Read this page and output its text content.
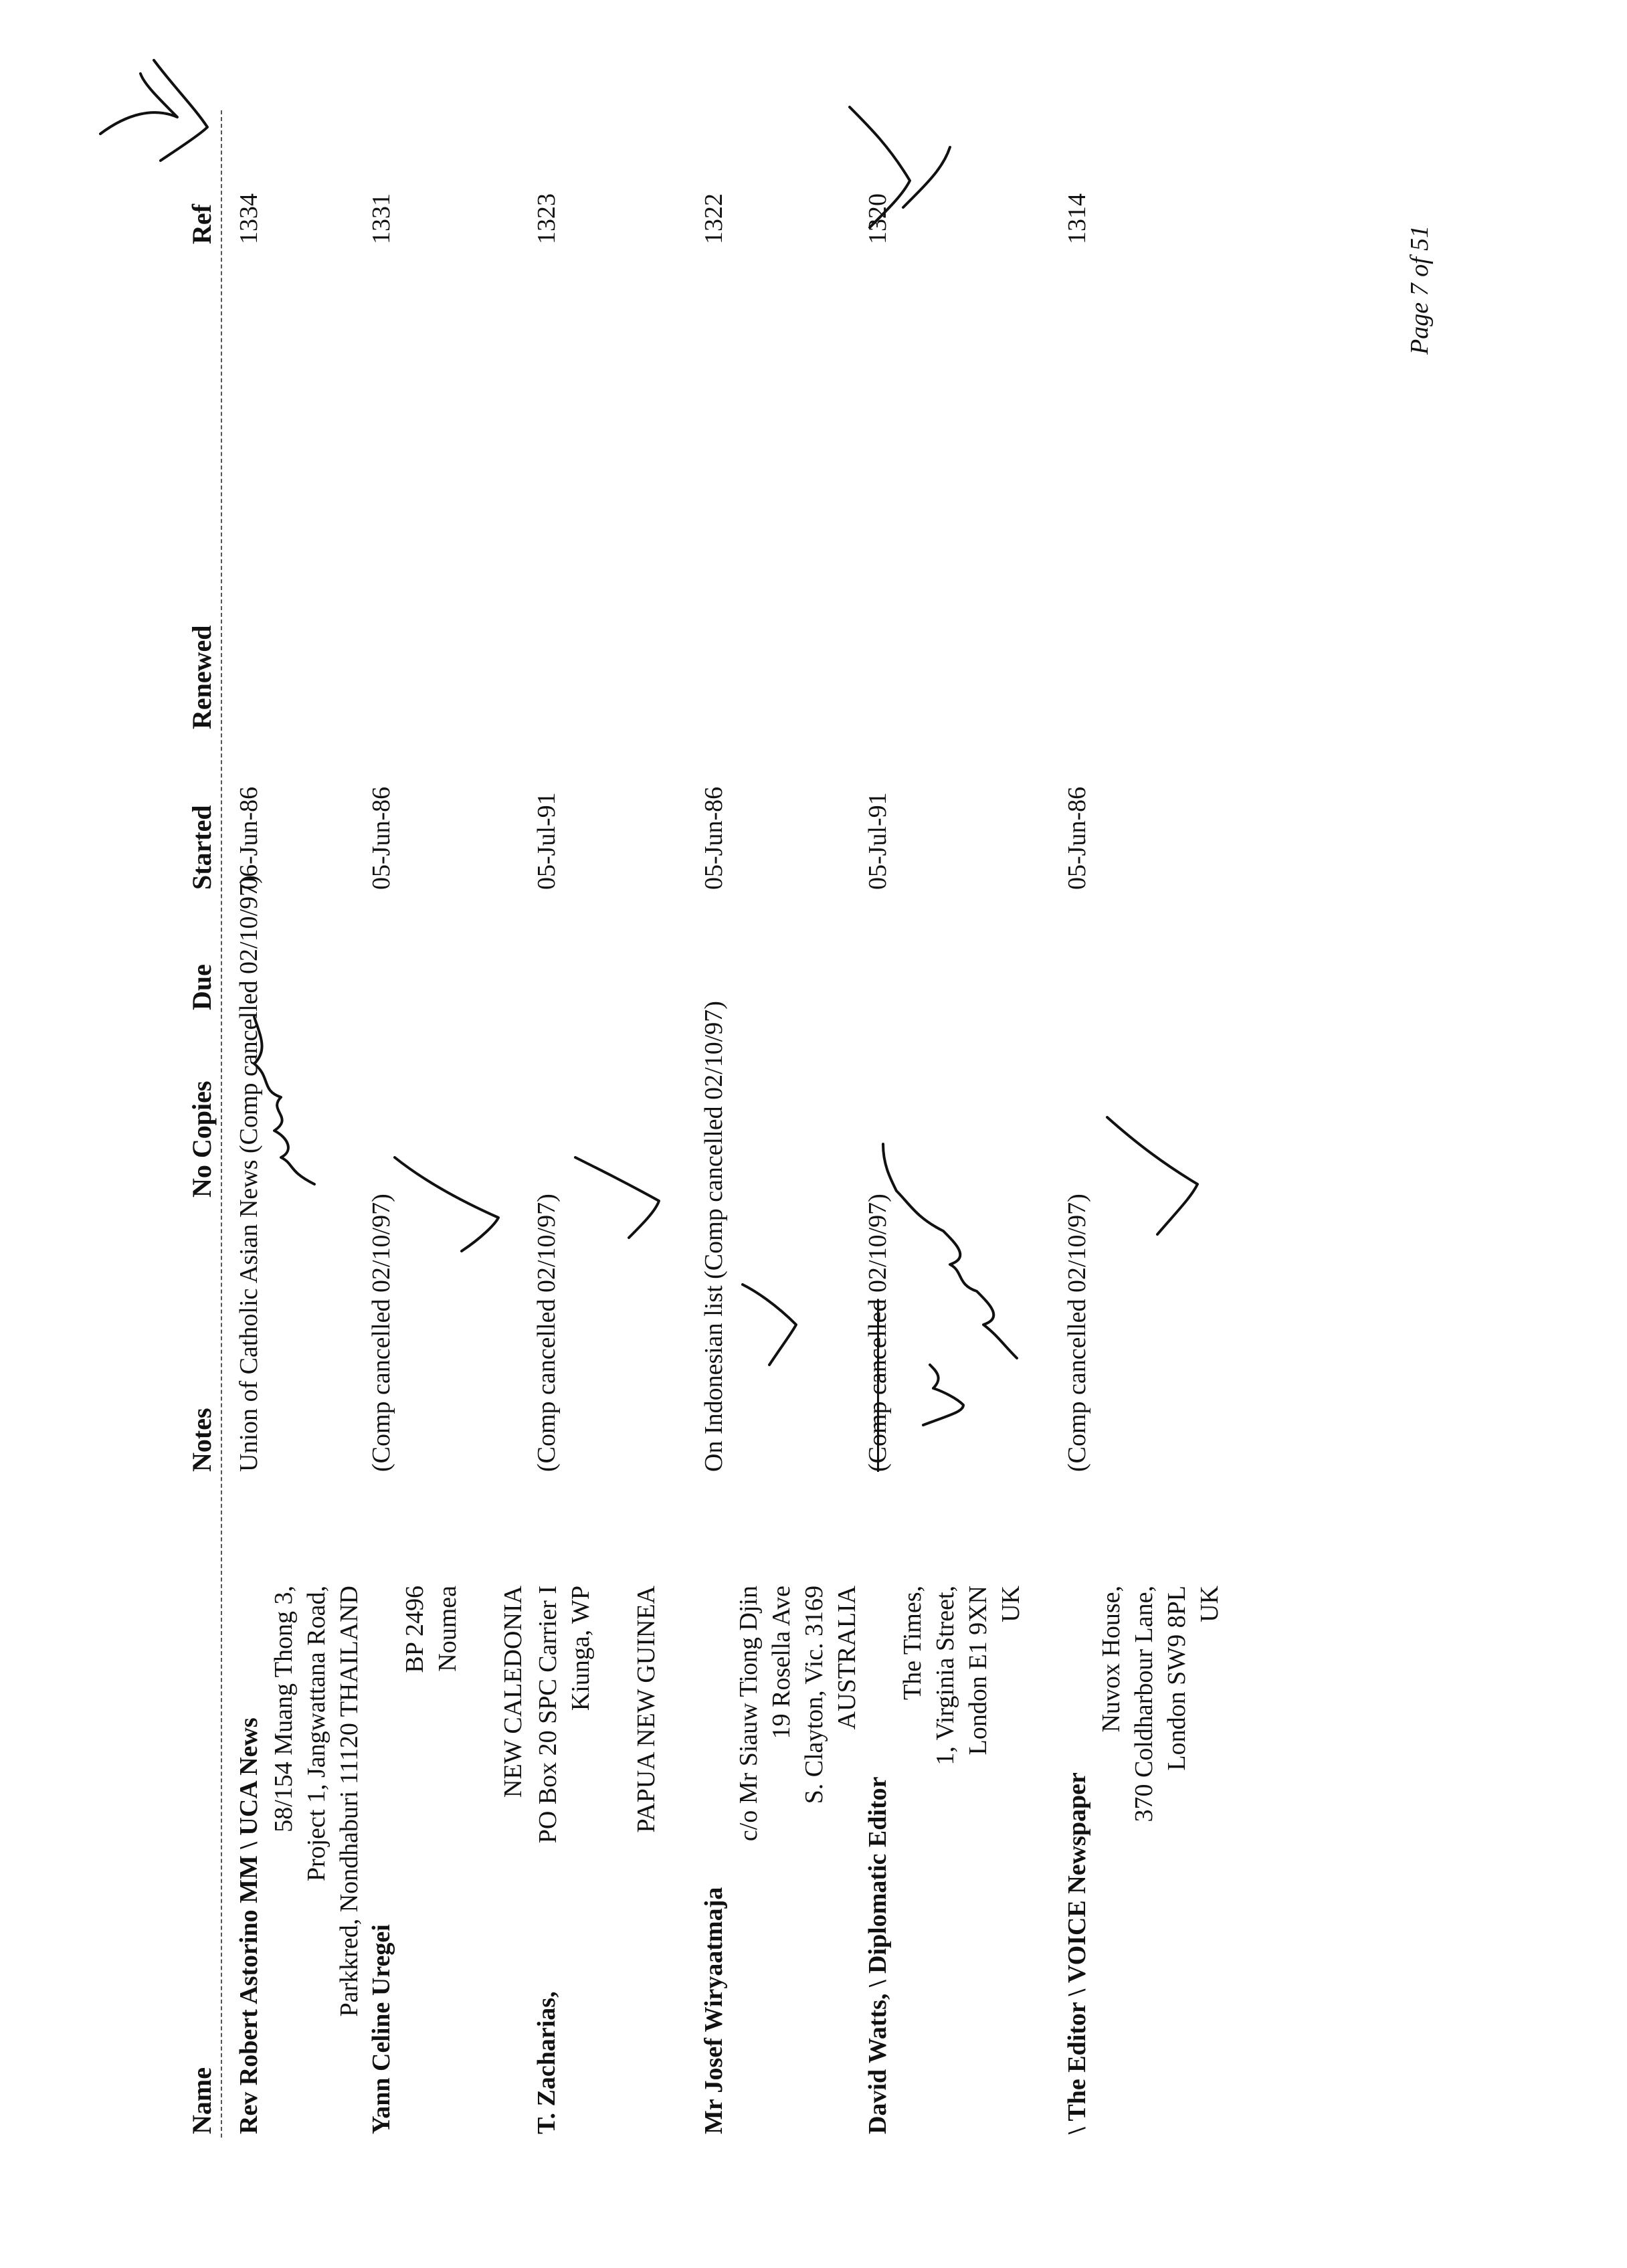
Name
Notes
No Copies
Due
Started
Renewed
Ref
Rev Robert Astorino MM \ UCA News
58/154 Muang Thong 3, Project 1, Jangwattana Road, Parkkred, Nondhaburi 11120 THAILAND
Union of Catholic Asian News (Comp cancelled 02/10/97)
06-Jun-86
1334
Yann Celine Uregei
BP 2496 Noumea
NEW CALEDONIA
(Comp cancelled 02/10/97)
05-Jun-86
1331
T. Zacharias,
PO Box 20 SPC Carrier I Kiunga, WP
PAPUA NEW GUINEA
(Comp cancelled 02/10/97)
05-Jul-91
1323
Mr Josef Wiryaatmaja
c/o Mr Siauw Tiong Djin 19 Rosella Ave S. Clayton, Vic. 3169 AUSTRALIA
On Indonesian list (Comp cancelled 02/10/97)
05-Jun-86
1322
David Watts, \ Diplomatic Editor
The Times, 1, Virginia Street, London E1 9XN UK
(Comp cancelled 02/10/97)
05-Jul-91
1320
\ The Editor \ VOICE Newspaper
Nuvox House, 370 Coldharbour Lane, London SW9 8PL UK
(Comp cancelled 02/10/97)
05-Jun-86
1314
Page 7 of 51
